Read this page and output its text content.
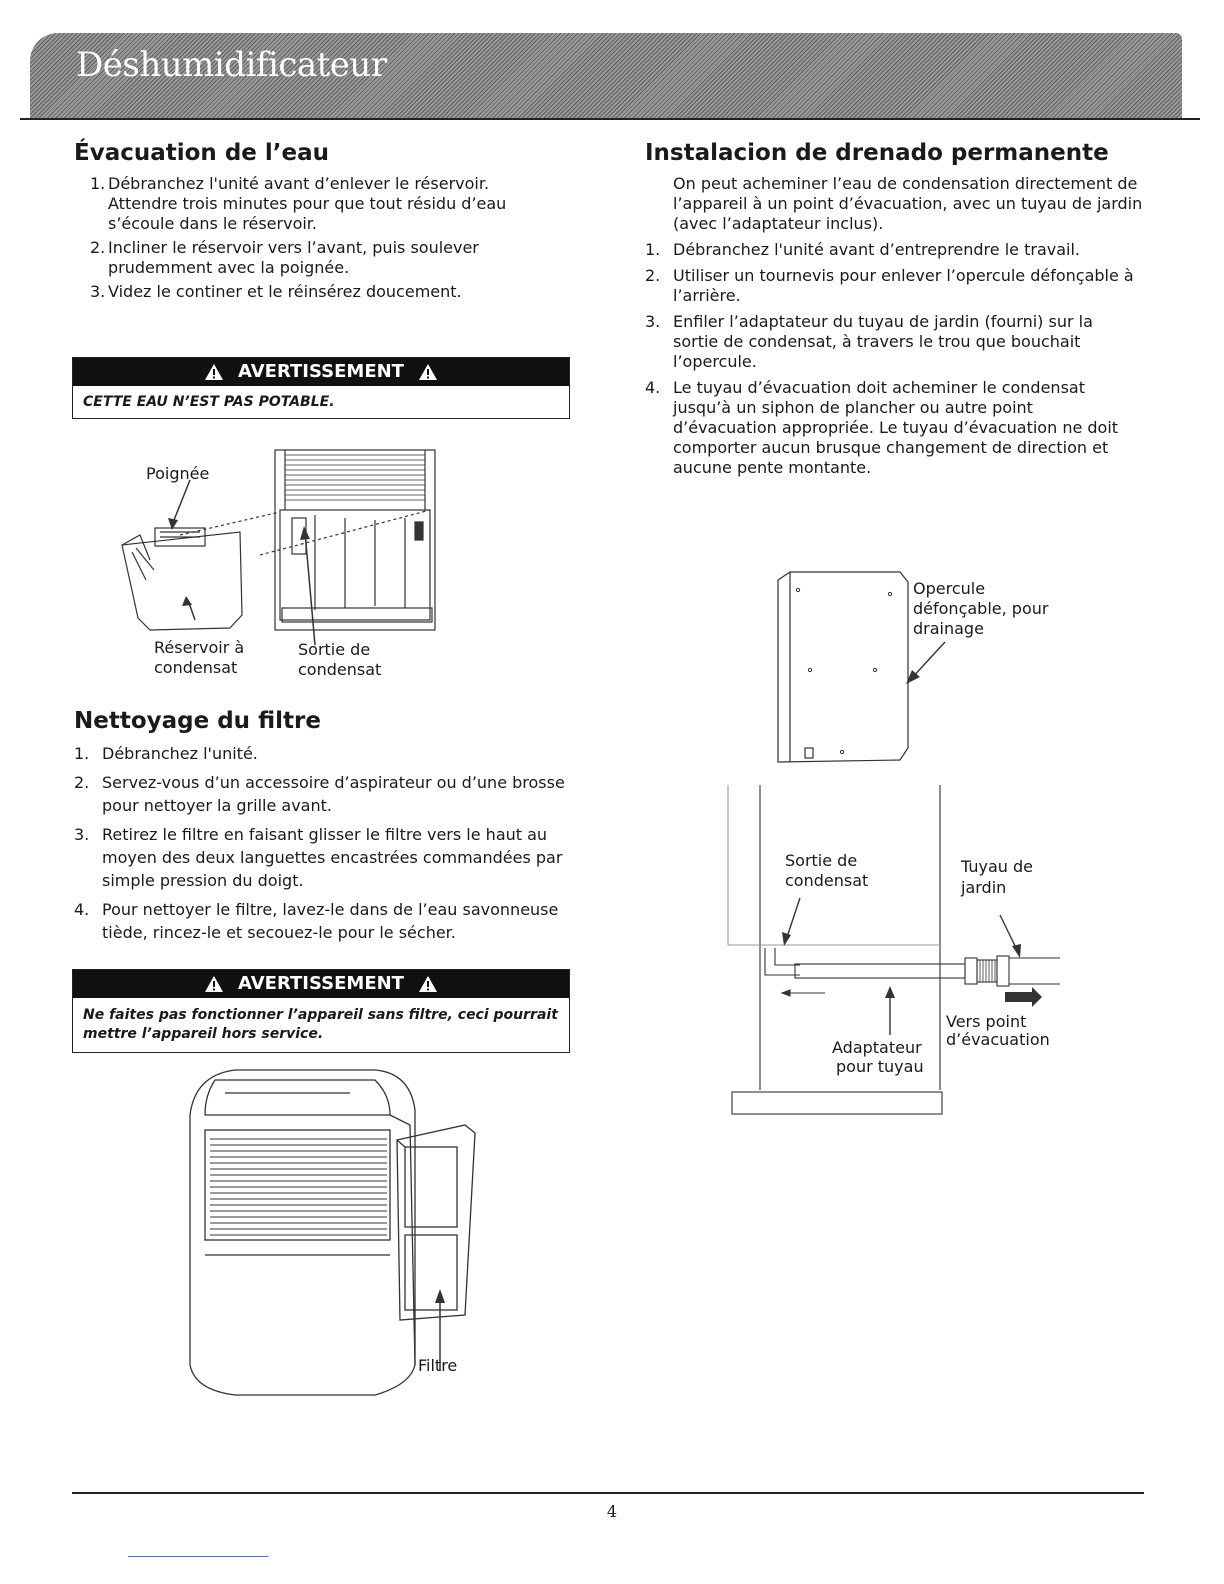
Déshumidificateur
Évacuation de l’eau
1. Débranchez l'unité avant d’enlever le réservoir. Attendre trois minutes pour que tout résidu d’eau s’écoule dans le réservoir.
2. Incliner le réservoir vers l’avant, puis soulever prudemment avec la poignée.
3. Videz le continer et le réinsérez doucement.
AVERTISSEMENT
CETTE EAU N’EST PAS POTABLE.
Poignée
Réservoir à
condensat
Sortie de
condensat
Nettoyage du filtre
1. Débranchez l'unité.
2. Servez-vous d’un accessoire d’aspirateur ou d’une brosse pour nettoyer la grille avant.
3. Retirez le filtre en faisant glisser le filtre vers le haut au moyen des deux languettes encastrées commandées par simple pression du doigt.
4. Pour nettoyer le filtre, lavez-le dans de l’eau savonneuse tiède, rincez-le et secouez-le pour le sécher.
AVERTISSEMENT
Ne faites pas fonctionner l’appareil sans filtre, ceci pourrait mettre l’appareil hors service.
Filtre
Instalacion de drenado permanente
On peut acheminer l’eau de condensation directement de l’appareil à un point d’évacuation, avec un tuyau de jardin (avec l’adaptateur inclus).
1. Débranchez l'unité avant d’entreprendre le travail.
2. Utiliser un tournevis pour enlever l’opercule défonçable à l’arrière.
3. Enfiler l’adaptateur du tuyau de jardin (fourni) sur la sortie de condensat, à travers le trou que bouchait l’opercule.
4. Le tuyau d’évacuation doit acheminer le condensat jusqu’à un siphon de plancher ou autre point d’évacuation appropriée. Le tuyau d’évacuation ne doit comporter aucun brusque changement de direction et aucune pente montante.
Opercule
défonçable, pour
drainage
Sortie de
condensat
Tuyau de
jardin
Vers point
d’évacuation
Adaptateur
pour tuyau
4
